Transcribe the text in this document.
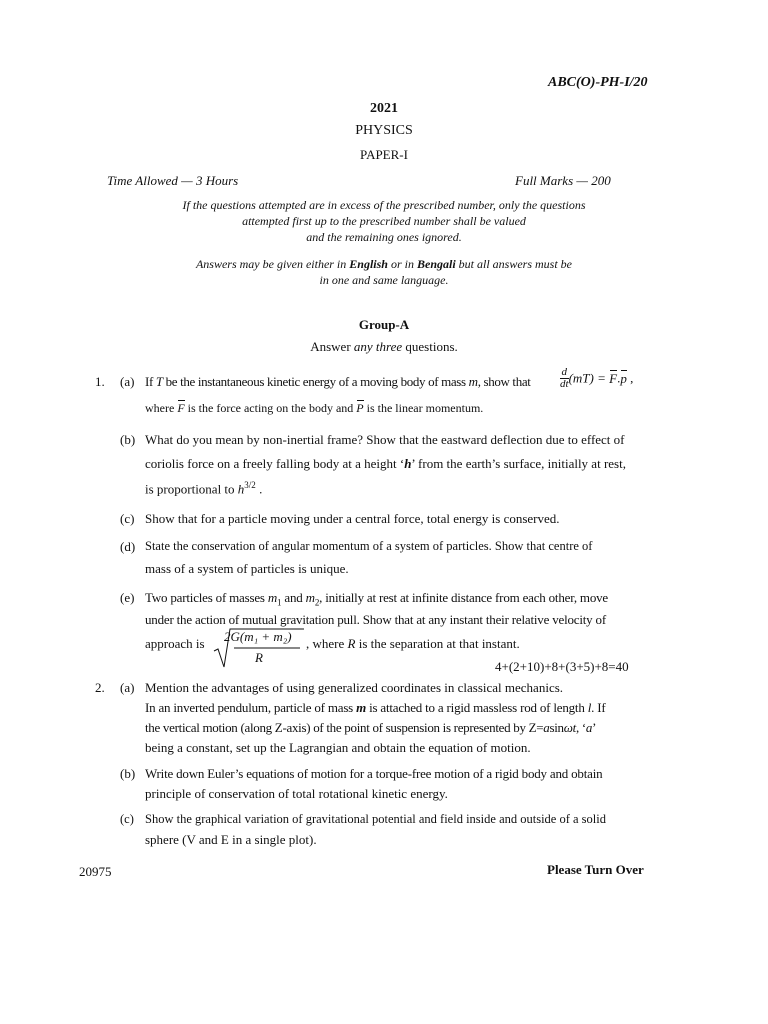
ABC(O)-PH-I/20
2021
PHYSICS
PAPER-I
Time Allowed — 3 Hours	Full Marks — 200
If the questions attempted are in excess of the prescribed number, only the questions
attempted first up to the prescribed number shall be valued
and the remaining ones ignored.
Answers may be given either in English or in Bengali but all answers must be
in one and same language.
Group-A
Answer any three questions.
1. (a) If T be the instantaneous kinetic energy of a moving body of mass m, show that	$\frac{d}{dt} (mT) = F.p$ ,
where F is the force acting on the body and P is the linear momentum.
(b) What do you mean by non-inertial frame? Show that the eastward deflection due to effect of
coriolis force on a freely falling body at a height ‘h’ from the earth’s surface, initially at rest,
is proportional to $h^{3/2}$ .
(c) Show that for a particle moving under a central force, total energy is conserved.
(d) State the conservation of angular momentum of a system of particles. Show that centre of
mass of a system of particles is unique.
(e) Two particles of masses $m_1$ and $m_2$, initially at rest at infinite distance from each other, move
under the action of mutual gravitation pull. Show that at any instant their relative velocity of
approach is 2G(m₁ + m₂)
R
, where R is the separation at that instant.
4+(2+10)+8+(3+5)+8=40
2. (a) Mention the advantages of using generalized coordinates in classical mechanics.
In an inverted pendulum, particle of mass m is attached to a rigid massless rod of length l. If
the vertical motion (along Z-axis) of the point of suspension is represented by Z=asinωt, ‘a’
being a constant, set up the Lagrangian and obtain the equation of motion.
(b) Write down Euler’s equations of motion for a torque-free motion of a rigid body and obtain
principle of conservation of total rotational kinetic energy.
(c) Show the graphical variation of gravitational potential and field inside and outside of a solid
sphere (V and E in a single plot).
20975	Please Turn Over
